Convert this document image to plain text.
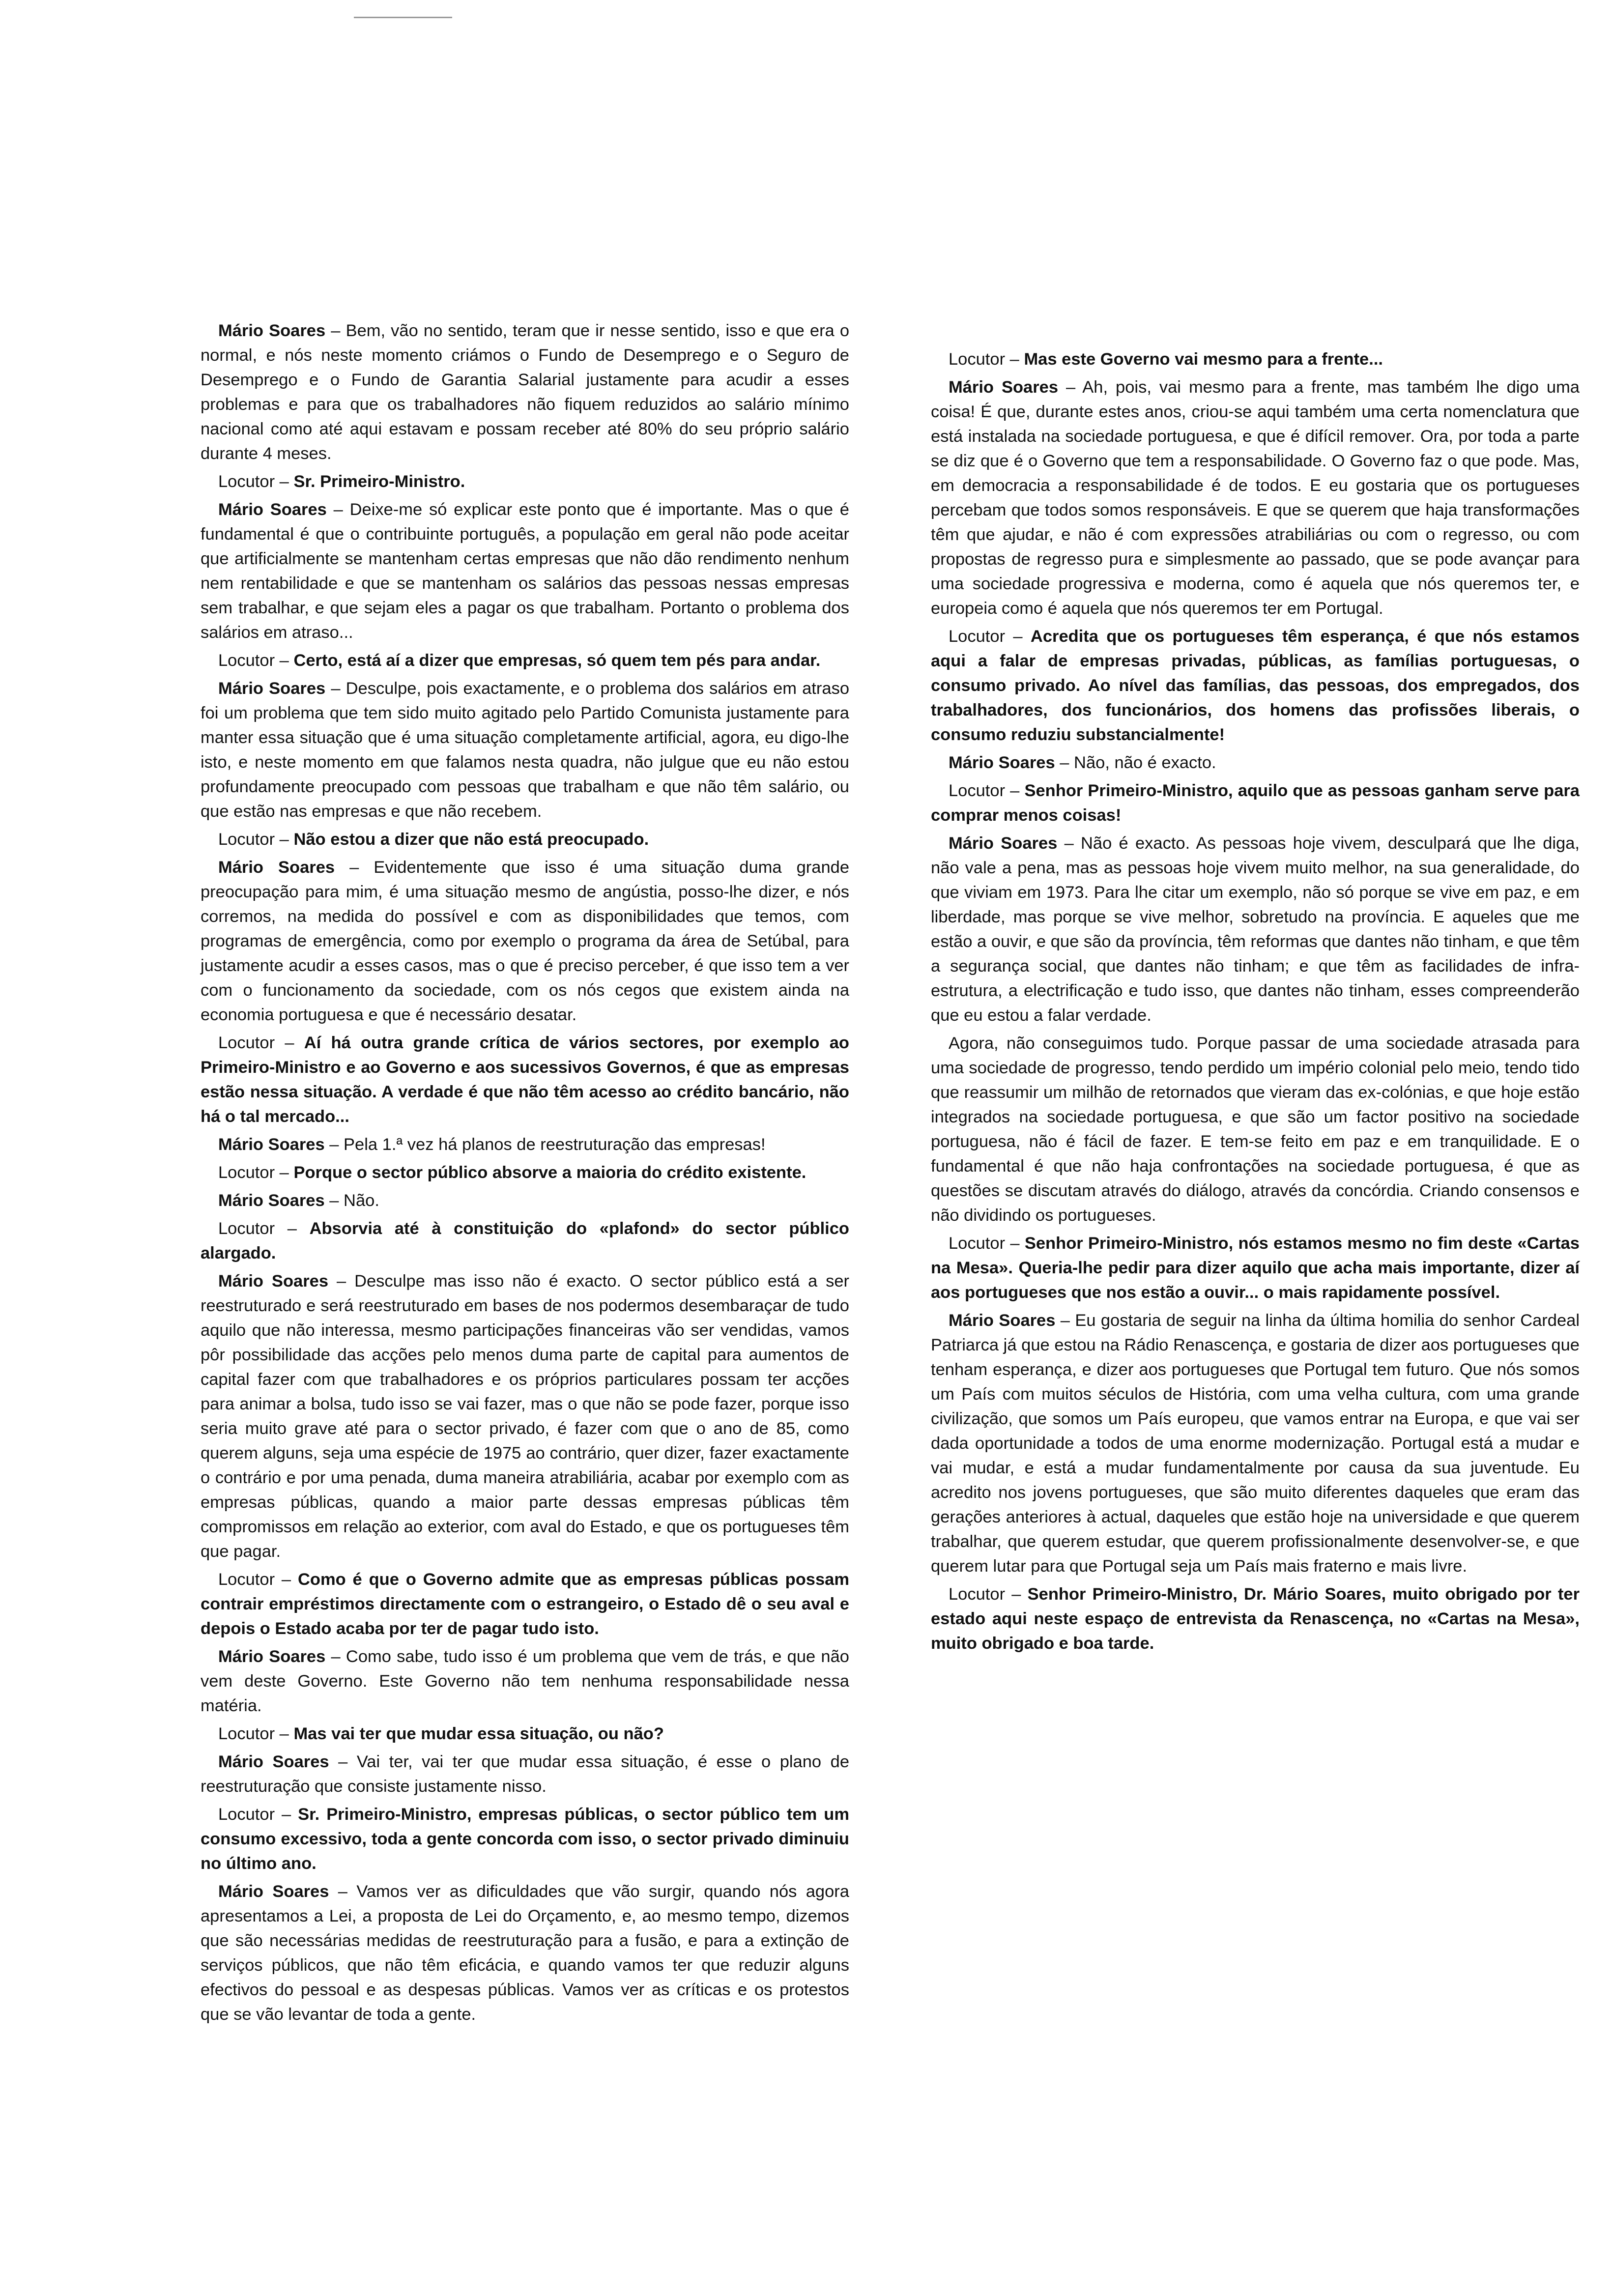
Mário Soares – Bem, vão no sentido, teram que ir nesse sentido, isso e que era o normal, e nós neste momento criámos o Fundo de Desemprego e o Seguro de Desemprego e o Fundo de Garantia Salarial justamente para acudir a esses problemas e para que os trabalhadores não fiquem reduzidos ao salário mínimo nacional como até aqui estavam e possam receber até 80% do seu próprio salário durante 4 meses.

Locutor – Sr. Primeiro-Ministro.

Mário Soares – Deixe-me só explicar este ponto que é importante. Mas o que é fundamental é que o contribuinte português, a população em geral não pode aceitar que artificialmente se mantenham certas empresas que não dão rendimento nenhum nem rentabilidade e que se mantenham os salários das pessoas nessas empresas sem trabalhar, e que sejam eles a pagar os que trabalham. Portanto o problema dos salários em atraso...

Locutor – Certo, está aí a dizer que empresas, só quem tem pés para andar.

Mário Soares – Desculpe, pois exactamente, e o problema dos salários em atraso foi um problema que tem sido muito agitado pelo Partido Comunista justamente para manter essa situação que é uma situação completamente artificial, agora, eu digo-lhe isto, e neste momento em que falamos nesta quadra, não julgue que eu não estou profundamente preocupado com pessoas que trabalham e que não têm salário, ou que estão nas empresas e que não recebem.

Locutor – Não estou a dizer que não está preocupado.

Mário Soares – Evidentemente que isso é uma situação duma grande preocupação para mim, é uma situação mesmo de angústia, posso-lhe dizer, e nós corremos, na medida do possível e com as disponibilidades que temos, com programas de emergência, como por exemplo o programa da área de Setúbal, para justamente acudir a esses casos, mas o que é preciso perceber, é que isso tem a ver com o funcionamento da sociedade, com os nós cegos que existem ainda na economia portuguesa e que é necessário desatar.

Locutor – Aí há outra grande crítica de vários sectores, por exemplo ao Primeiro-Ministro e ao Governo e aos sucessivos Governos, é que as empresas estão nessa situação. A verdade é que não têm acesso ao crédito bancário, não há o tal mercado...

Mário Soares – Pela 1.ª vez há planos de reestruturação das empresas!

Locutor – Porque o sector público absorve a maioria do crédito existente.

Mário Soares – Não.

Locutor – Absorvia até à constituição do «plafond» do sector público alargado.

Mário Soares – Desculpe mas isso não é exacto. O sector público está a ser reestruturado e será reestruturado em bases de nos podermos desembaraçar de tudo aquilo que não interessa, mesmo participações financeiras vão ser vendidas, vamos pôr possibilidade das acções pelo menos duma parte de capital para aumentos de capital fazer com que trabalhadores e os próprios particulares possam ter acções para animar a bolsa, tudo isso se vai fazer, mas o que não se pode fazer, porque isso seria muito grave até para o sector privado, é fazer com que o ano de 85, como querem alguns, seja uma espécie de 1975 ao contrário, quer dizer, fazer exactamente o contrário e por uma penada, duma maneira atrabiliária, acabar por exemplo com as empresas públicas, quando a maior parte dessas empresas públicas têm compromissos em relação ao exterior, com aval do Estado, e que os portugueses têm que pagar.

Locutor – Como é que o Governo admite que as empresas públicas possam contrair empréstimos directamente com o estrangeiro, o Estado dê o seu aval e depois o Estado acaba por ter de pagar tudo isto.

Mário Soares – Como sabe, tudo isso é um problema que vem de trás, e que não vem deste Governo. Este Governo não tem nenhuma responsabilidade nessa matéria.

Locutor – Mas vai ter que mudar essa situação, ou não?

Mário Soares – Vai ter, vai ter que mudar essa situação, é esse o plano de reestruturação que consiste justamente nisso.

Locutor – Sr. Primeiro-Ministro, empresas públicas, o sector público tem um consumo excessivo, toda a gente concorda com isso, o sector privado diminuiu no último ano.

Mário Soares – Vamos ver as dificuldades que vão surgir, quando nós agora apresentamos a Lei, a proposta de Lei do Orçamento, e, ao mesmo tempo, dizemos que são necessárias medidas de reestruturação para a fusão, e para a extinção de serviços públicos, que não têm eficácia, e quando vamos ter que reduzir alguns efectivos do pessoal e as despesas públicas. Vamos ver as críticas e os protestos que se vão levantar de toda a gente.

Locutor – Mas este Governo vai mesmo para a frente...

Mário Soares – Ah, pois, vai mesmo para a frente, mas também lhe digo uma coisa! É que, durante estes anos, criou-se aqui também uma certa nomenclatura que está instalada na sociedade portuguesa, e que é difícil remover. Ora, por toda a parte se diz que é o Governo que tem a responsabilidade. O Governo faz o que pode. Mas, em democracia a responsabilidade é de todos. E eu gostaria que os portugueses percebam que todos somos responsáveis. E que se querem que haja transformações têm que ajudar, e não é com expressões atrabiliárias ou com o regresso, ou com propostas de regresso pura e simplesmente ao passado, que se pode avançar para uma sociedade progressiva e moderna, como é aquela que nós queremos ter, e europeia como é aquela que nós queremos ter em Portugal.

Locutor – Acredita que os portugueses têm esperança, é que nós estamos aqui a falar de empresas privadas, públicas, as famílias portuguesas, o consumo privado. Ao nível das famílias, das pessoas, dos empregados, dos trabalhadores, dos funcionários, dos homens das profissões liberais, o consumo reduziu substancialmente!

Mário Soares – Não, não é exacto.

Locutor – Senhor Primeiro-Ministro, aquilo que as pessoas ganham serve para comprar menos coisas!

Mário Soares – Não é exacto. As pessoas hoje vivem, desculpará que lhe diga, não vale a pena, mas as pessoas hoje vivem muito melhor, na sua generalidade, do que viviam em 1973. Para lhe citar um exemplo, não só porque se vive em paz, e em liberdade, mas porque se vive melhor, sobretudo na província. E aqueles que me estão a ouvir, e que são da província, têm reformas que dantes não tinham, e que têm a segurança social, que dantes não tinham; e que têm as facilidades de infra-estrutura, a electrificação e tudo isso, que dantes não tinham, esses compreenderão que eu estou a falar verdade.

Agora, não conseguimos tudo. Porque passar de uma sociedade atrasada para uma sociedade de progresso, tendo perdido um império colonial pelo meio, tendo tido que reassumir um milhão de retornados que vieram das ex-colónias, e que hoje estão integrados na sociedade portuguesa, e que são um factor positivo na sociedade portuguesa, não é fácil de fazer. E tem-se feito em paz e em tranquilidade. E o fundamental é que não haja confrontações na sociedade portuguesa, é que as questões se discutam através do diálogo, através da concórdia. Criando consensos e não dividindo os portugueses.

Locutor – Senhor Primeiro-Ministro, nós estamos mesmo no fim deste «Cartas na Mesa». Queria-lhe pedir para dizer aquilo que acha mais importante, dizer aí aos portugueses que nos estão a ouvir... o mais rapidamente possível.

Mário Soares – Eu gostaria de seguir na linha da última homilia do senhor Cardeal Patriarca já que estou na Rádio Renascença, e gostaria de dizer aos portugueses que tenham esperança, e dizer aos portugueses que Portugal tem futuro. Que nós somos um País com muitos séculos de História, com uma velha cultura, com uma grande civilização, que somos um País europeu, que vamos entrar na Europa, e que vai ser dada oportunidade a todos de uma enorme modernização. Portugal está a mudar e vai mudar, e está a mudar fundamentalmente por causa da sua juventude. Eu acredito nos jovens portugueses, que são muito diferentes daqueles que eram das gerações anteriores à actual, daqueles que estão hoje na universidade e que querem trabalhar, que querem estudar, que querem profissionalmente desenvolver-se, e que querem lutar para que Portugal seja um País mais fraterno e mais livre.

Locutor – Senhor Primeiro-Ministro, Dr. Mário Soares, muito obrigado por ter estado aqui neste espaço de entrevista da Renascença, no «Cartas na Mesa», muito obrigado e boa tarde.
